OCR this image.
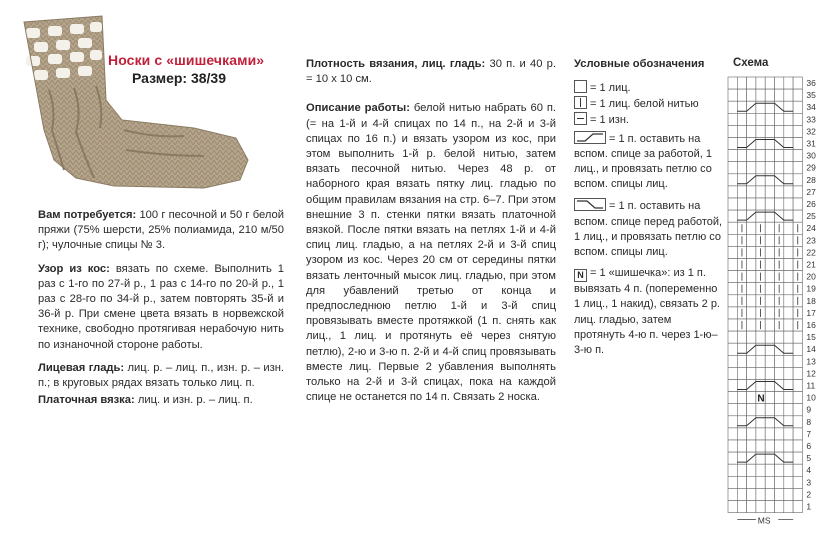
Носки с «шишечками»
Размер: 38/39

Вам потребуется: 100 г песочной и 50 г белой пряжи (75% шерсти, 25% полиамида, 210 м/50 г); чулочные спицы № 3.

Узор из кос: вязать по схеме. Выполнить 1 раз с 1-го по 27-й р., 1 раз с 14-го по 20-й р., 1 раз с 28-го по 34-й р., затем повторять 35-й и 36-й р. При смене цвета вязать в норвежской технике, свободно протягивая нерабочую нить по изнаночной стороне работы.

Лицевая гладь: лиц. р. – лиц. п., изн. р. – изн. п.; в круговых рядах вязать только лиц. п.

Платочная вязка: лиц. и изн. р. – лиц. п.

Плотность вязания, лиц. гладь: 30 п. и 40 р. = 10 х 10 см.

Описание работы: белой нитью набрать 60 п. (= на 1-й и 4-й спицах по 14 п., на 2-й и 3-й спицах по 16 п.) и вязать узором из кос, при этом выполнить 1-й р. белой нитью, затем вязать песочной нитью. Через 48 р. от наборного края вязать пятку лиц. гладью по общим правилам вязания на стр. 6–7. При этом внешние 3 п. стенки пятки вязать платочной вязкой. После пятки вязать на петлях 1-й и 4-й спиц лиц. гладью, а на петлях 2-й и 3-й спиц узором из кос. Через 20 см от середины пятки вязать ленточный мысок лиц. гладью, при этом для убавлений третью от конца и предпоследнюю петлю 1-й и 3-й спиц провязывать вместе протяжкой (1 п. снять как лиц., 1 лиц. и протянуть её через снятую петлю), 2-ю и 3-ю п. 2-й и 4-й спиц провязывать вместе лиц. Первые 2 убавления выполнять только на 2-й и 3-й спицах, пока на каждой спице не останется по 14 п. Связать 2 носка.

Условные обозначения
= 1 лиц.
= 1 лиц. белой нитью
= 1 изн.
= 1 п. оставить на вспом. спице за работой, 1 лиц., и провязать петлю со вспом. спицы лиц.
= 1 п. оставить на вспом. спице перед работой, 1 лиц., и провязать петлю со вспом. спицы лиц.
N = 1 «шишечка»: из 1 п. вывязать 4 п. (попеременно 1 лиц., 1 накид), связать 2 р. лиц. гладью, затем протянуть 4-ю п. через 1-ю–3-ю п.
Схема
36
35
34
33
32
31
30
29
28
27
26
25
24
23
22
21
20
19
18
17
16
15
14
13
12
11
10
9
8
7
6
5
4
3
2
1
N
MS
